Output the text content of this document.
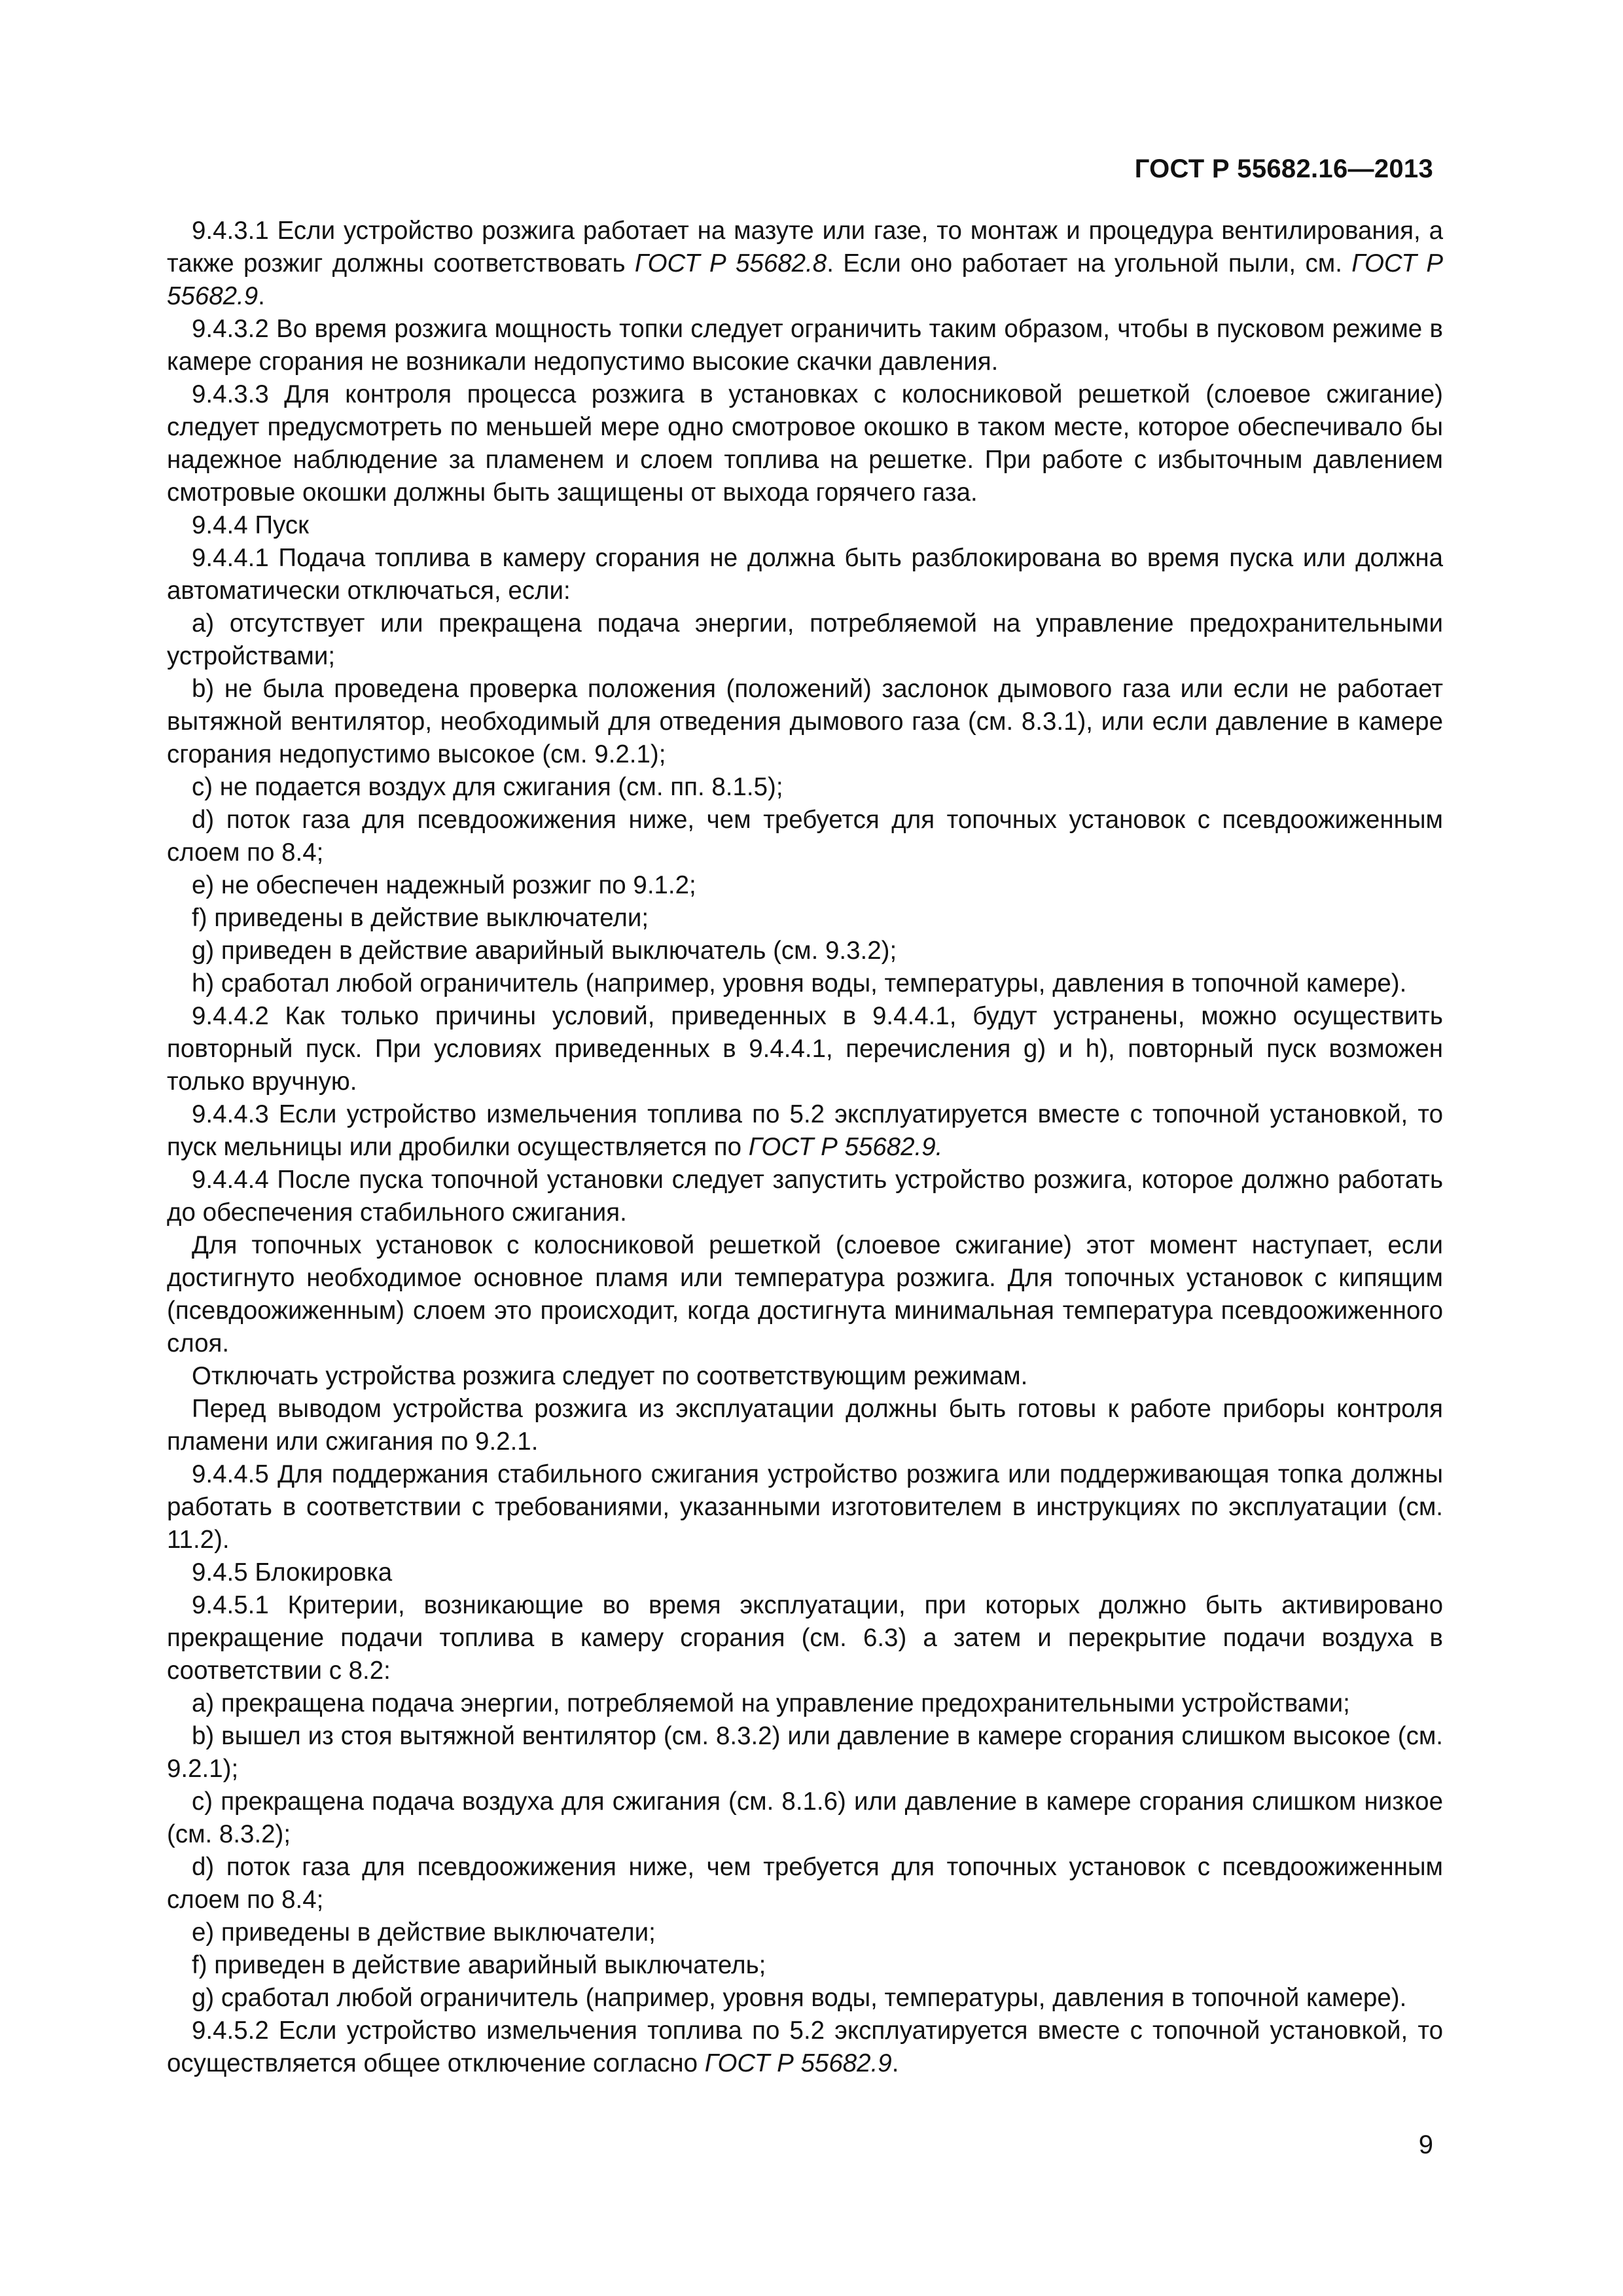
ГОСТ Р 55682.16—2013

9.4.3.1 Если устройство розжига работает на мазуте или газе, то монтаж и процедура вентилирования, а также розжиг должны соответствовать ГОСТ Р 55682.8. Если оно работает на угольной пыли, см. ГОСТ Р 55682.9.

9.4.3.2 Во время розжига мощность топки следует ограничить таким образом, чтобы в пусковом режиме в камере сгорания не возникали недопустимо высокие скачки давления.

9.4.3.3 Для контроля процесса розжига в установках с колосниковой решеткой (слоевое сжигание) следует предусмотреть по меньшей мере одно смотровое окошко в таком месте, которое обеспечивало бы надежное наблюдение за пламенем и слоем топлива на решетке. При работе с избыточным давлением смотровые окошки должны быть защищены от выхода горячего газа.

9.4.4 Пуск

9.4.4.1 Подача топлива в камеру сгорания не должна быть разблокирована во время пуска или должна автоматически отключаться, если:

a) отсутствует или прекращена подача энергии, потребляемой на управление предохранительными устройствами;

b) не была проведена проверка положения (положений) заслонок дымового газа или если не работает вытяжной вентилятор, необходимый для отведения дымового газа (см. 8.3.1), или если давление в камере сгорания недопустимо высокое (см. 9.2.1);

c) не подается воздух для сжигания (см. пп. 8.1.5);

d) поток газа для псевдоожижения ниже, чем требуется для топочных установок с псевдоожиженным слоем по 8.4;

e) не обеспечен надежный розжиг по 9.1.2;

f) приведены в действие выключатели;

g) приведен в действие аварийный выключатель (см. 9.3.2);

h) сработал любой ограничитель (например, уровня воды, температуры, давления в топочной камере).

9.4.4.2 Как только причины условий, приведенных в 9.4.4.1, будут устранены, можно осуществить повторный пуск. При условиях приведенных в 9.4.4.1, перечисления g) и h), повторный пуск возможен только вручную.

9.4.4.3 Если устройство измельчения топлива по 5.2 эксплуатируется вместе с топочной установкой, то пуск мельницы или дробилки осуществляется по ГОСТ Р 55682.9.

9.4.4.4 После пуска топочной установки следует запустить устройство розжига, которое должно работать до обеспечения стабильного сжигания.

Для топочных установок с колосниковой решеткой (слоевое сжигание) этот момент наступает, если достигнуто необходимое основное пламя или температура розжига. Для топочных установок с кипящим (псевдоожиженным) слоем это происходит, когда достигнута минимальная температура псевдоожиженного слоя.

Отключать устройства розжига следует по соответствующим режимам.

Перед выводом устройства розжига из эксплуатации должны быть готовы к работе приборы контроля пламени или сжигания по 9.2.1.

9.4.4.5 Для поддержания стабильного сжигания устройство розжига или поддерживающая топка должны работать в соответствии с требованиями, указанными изготовителем в инструкциях по эксплуатации (см. 11.2).

9.4.5 Блокировка

9.4.5.1 Критерии, возникающие во время эксплуатации, при которых должно быть активировано прекращение подачи топлива в камеру сгорания (см. 6.3) а затем и перекрытие подачи воздуха в соответствии с 8.2:

a) прекращена подача энергии, потребляемой на управление предохранительными устройствами;

b) вышел из стоя вытяжной вентилятор (см. 8.3.2) или давление в камере сгорания слишком высокое (см. 9.2.1);

c) прекращена подача воздуха для сжигания (см. 8.1.6) или давление в камере сгорания слишком низкое (см. 8.3.2);

d) поток газа для псевдоожижения ниже, чем требуется для топочных установок с псевдоожиженным слоем по 8.4;

e) приведены в действие выключатели;

f) приведен в действие аварийный выключатель;

g) сработал любой ограничитель (например, уровня воды, температуры, давления в топочной камере).

9.4.5.2 Если устройство измельчения топлива по 5.2 эксплуатируется вместе с топочной установкой, то осуществляется общее отключение согласно ГОСТ Р 55682.9.

9
